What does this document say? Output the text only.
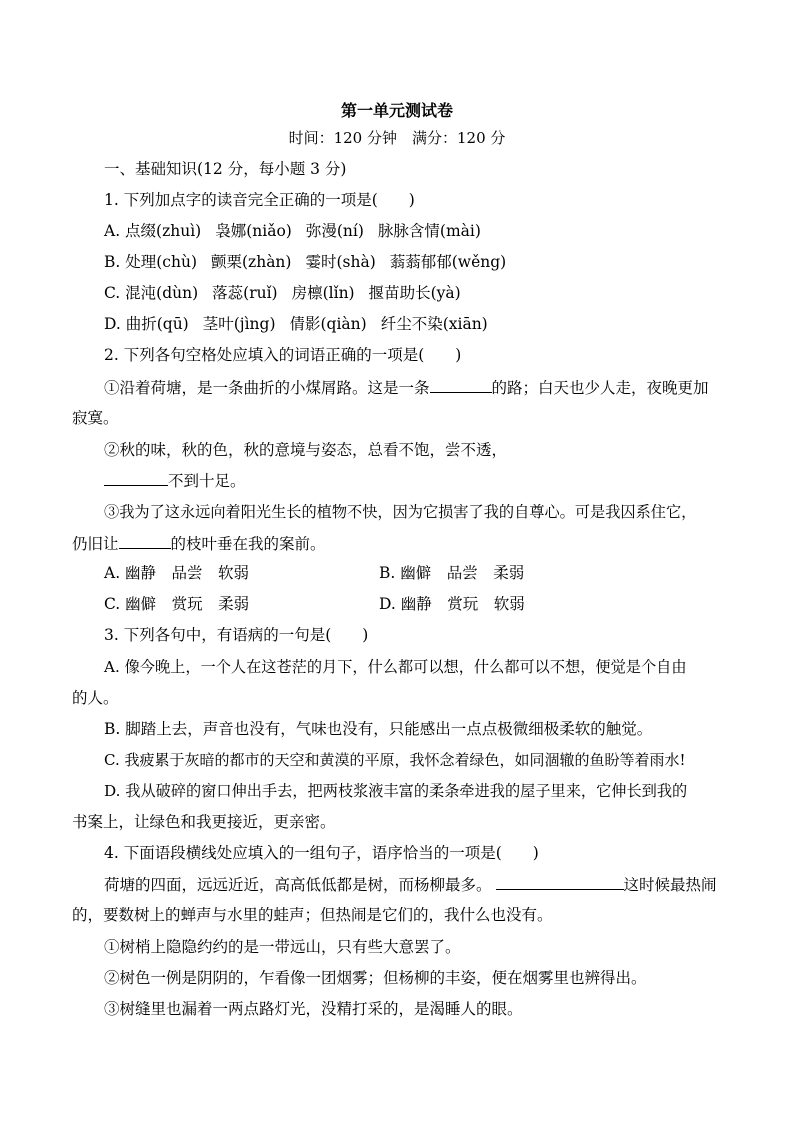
第一单元测试卷
时间：120 分钟　满分：120 分
一、基础知识(12 分，每小题 3 分)
1. 下列加点字的读音完全正确的一项是(　　)
A. 点缀(zhuì) 袅娜(niǎo) 弥漫(ní) 脉脉含情(mài)
B. 处理(chù) 颤栗(zhàn) 霎时(shà) 蓊蓊郁郁(wěng)
C. 混沌(dùn) 落蕊(ruǐ) 房檩(lǐn) 揠苗助长(yà)
D. 曲折(qū) 茎叶(jìng) 倩影(qiàn) 纤尘不染(xiān)
2. 下列各句空格处应填入的词语正确的一项是(　　)
①沿着荷塘，是一条曲折的小煤屑路。这是一条	的路；白天也少人走，夜晚更加
寂寞。
②秋的味，秋的色，秋的意境与姿态，总看不饱，尝不透，
不到十足。
③我为了这永远向着阳光生长的植物不快，因为它损害了我的自尊心。可是我囚系住它，
仍旧让	的枝叶垂在我的案前。
A. 幽静　品尝　软弱	B. 幽僻　品尝　柔弱
C. 幽僻　赏玩　柔弱	D. 幽静　赏玩　软弱
3. 下列各句中，有语病的一句是(　　)
A. 像今晚上，一个人在这苍茫的月下，什么都可以想，什么都可以不想，便觉是个自由
的人。
B. 脚踏上去，声音也没有，气味也没有，只能感出一点点极微细极柔软的触觉。
C. 我疲累于灰暗的都市的天空和黄漠的平原，我怀念着绿色，如同涸辙的鱼盼等着雨水!
D. 我从破碎的窗口伸出手去，把两枝浆液丰富的柔条牵进我的屋子里来，它伸长到我的
书案上，让绿色和我更接近，更亲密。
4. 下面语段横线处应填入的一组句子，语序恰当的一项是(　　)
荷塘的四面，远远近近，高高低低都是树，而杨柳最多。	这时候最热闹
的，要数树上的蝉声与水里的蛙声；但热闹是它们的，我什么也没有。
①树梢上隐隐约约的是一带远山，只有些大意罢了。
②树色一例是阴阴的，乍看像一团烟雾；但杨柳的丰姿，便在烟雾里也辨得出。
③树缝里也漏着一两点路灯光，没精打采的，是渴睡人的眼。
